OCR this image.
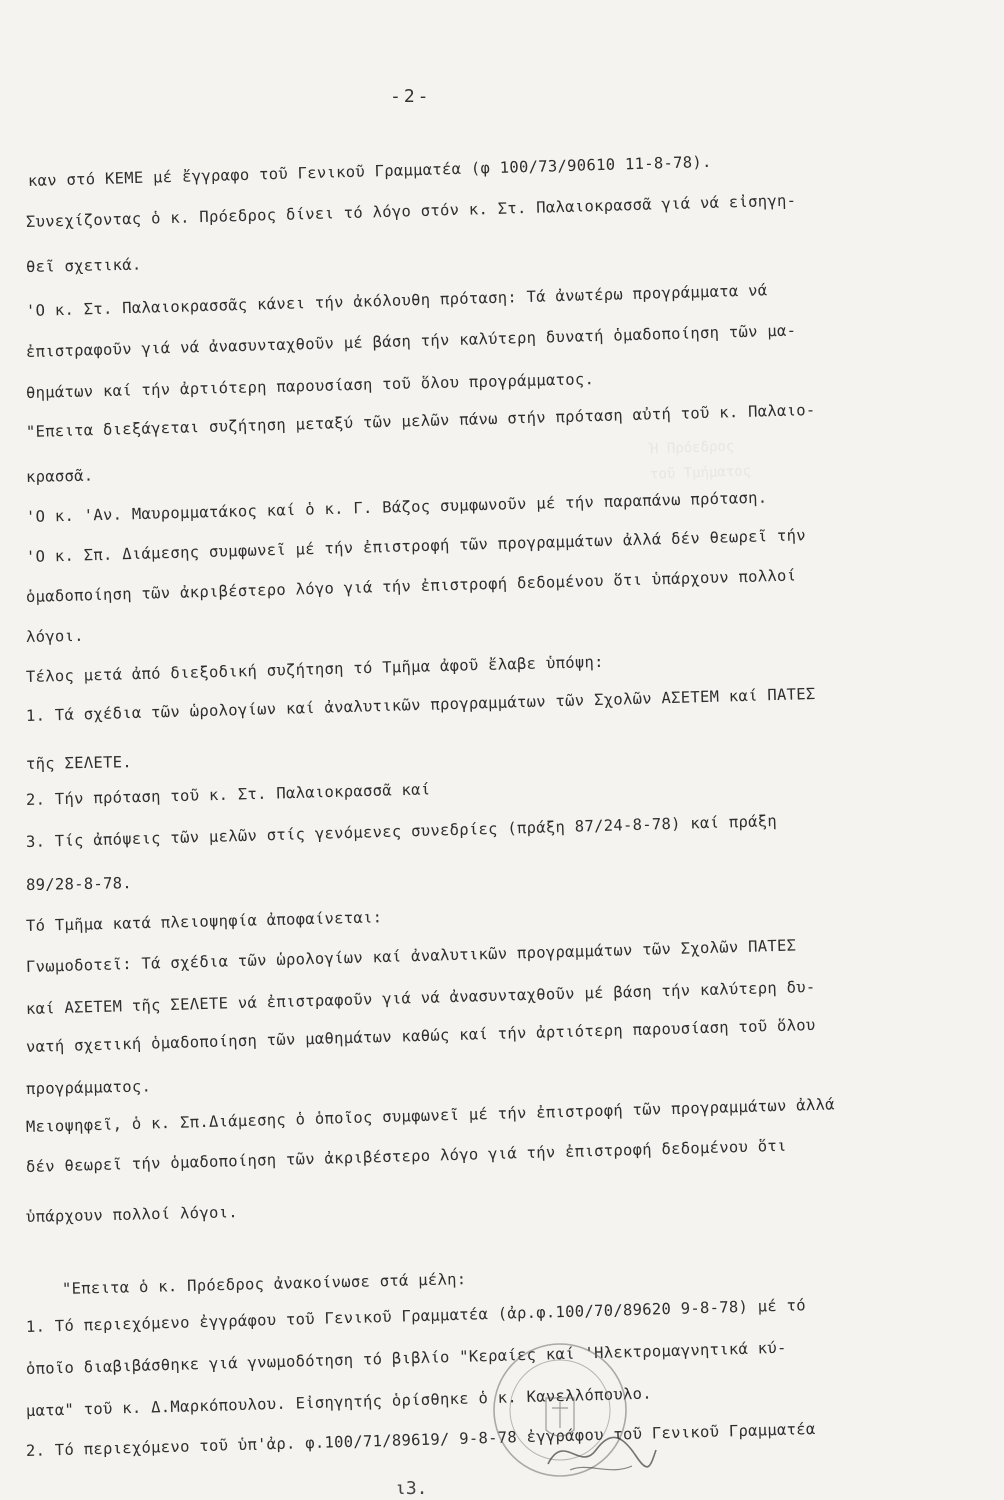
-2-
Ἡ Πρόεδρος
τοῦ Τμήματος
καν στό ΚΕΜΕ μέ ἔγγραφο τοῦ Γενικοῦ Γραμματέα (φ 100/73/90610 11-8-78).
Συνεχίζοντας ὁ κ. Πρόεδρος δίνει τό λόγο στόν κ. Στ. Παλαιοκρασσᾶ γιά νά εἰσηγη-
θεῖ σχετικά.
'Ο κ. Στ. Παλαιοκρασσᾶς κάνει τήν ἀκόλουθη πρόταση: Τά ἀνωτέρω προγράμματα νά
ἐπιστραφοῦν γιά νά ἀνασυνταχθοῦν μέ βάση τήν καλύτερη δυνατή ὁμαδοποίηση τῶν μα-
θημάτων καί τήν ἀρτιότερη παρουσίαση τοῦ ὅλου προγράμματος.
"Επειτα διεξάγεται συζήτηση μεταξύ τῶν μελῶν πάνω στήν πρόταση αὐτή τοῦ κ. Παλαιο-
κρασσᾶ.
'Ο κ. 'Αν. Μαυρομματάκος καί ὁ κ. Γ. Βάζος συμφωνοῦν μέ τήν παραπάνω πρόταση.
'Ο κ. Σπ. Διάμεσης συμφωνεῖ μέ τήν ἐπιστροφή τῶν προγραμμάτων ἀλλά δέν θεωρεῖ τήν
ὁμαδοποίηση τῶν ἀκριβέστερο λόγο γιά τήν ἐπιστροφή δεδομένου ὅτι ὑπάρχουν πολλοί
λόγοι.
Τέλος μετά ἀπό διεξοδική συζήτηση τό Τμῆμα ἀφοῦ ἔλαβε ὑπόψη:
1. Τά σχέδια τῶν ὡρολογίων καί ἀναλυτικῶν προγραμμάτων τῶν Σχολῶν ΑΣΕΤΕΜ καί ΠΑΤΕΣ
τῆς ΣΕΛΕΤΕ.
2. Τήν πρόταση τοῦ κ. Στ. Παλαιοκρασσᾶ καί
3. Τίς ἀπόψεις τῶν μελῶν στίς γενόμενες συνεδρίες (πράξη 87/24-8-78) καί πράξη
89/28-8-78.
Τό Τμῆμα κατά πλειοψηφία ἀποφαίνεται:
Γνωμοδοτεῖ: Τά σχέδια τῶν ὡρολογίων καί ἀναλυτικῶν προγραμμάτων τῶν Σχολῶν ΠΑΤΕΣ
καί ΑΣΕΤΕΜ τῆς ΣΕΛΕΤΕ νά ἐπιστραφοῦν γιά νά ἀνασυνταχθοῦν μέ βάση τήν καλύτερη δυ-
νατή σχετική ὁμαδοποίηση τῶν μαθημάτων καθώς καί τήν ἀρτιότερη παρουσίαση τοῦ ὅλου
προγράμματος.
Μειοψηφεῖ, ὁ κ. Σπ.Διάμεσης ὁ ὁποῖος συμφωνεῖ μέ τήν ἐπιστροφή τῶν προγραμμάτων ἀλλά
δέν θεωρεῖ τήν ὁμαδοποίηση τῶν ἀκριβέστερο λόγο γιά τήν ἐπιστροφή δεδομένου ὅτι
ὑπάρχουν πολλοί λόγοι.
"Επειτα ὁ κ. Πρόεδρος ἀνακοίνωσε στά μέλη:
1. Τό περιεχόμενο ἐγγράφου τοῦ Γενικοῦ Γραμματέα (ἀρ.φ.100/70/89620 9-8-78) μέ τό
ὁποῖο διαβιβάσθηκε γιά γνωμοδότηση τό βιβλίο "Κεραίες καί 'Ηλεκτρομαγνητικά κύ-
ματα" τοῦ κ. Δ.Μαρκόπουλου. Εἰσηγητής ὁρίσθηκε ὁ κ. Κανελλόπουλο.
2. Τό περιεχόμενο τοῦ ὑπ'ἀρ. φ.100/71/89619/ 9-8-78 ἐγγράφου τοῦ Γενικοῦ Γραμματέα
ι3.
